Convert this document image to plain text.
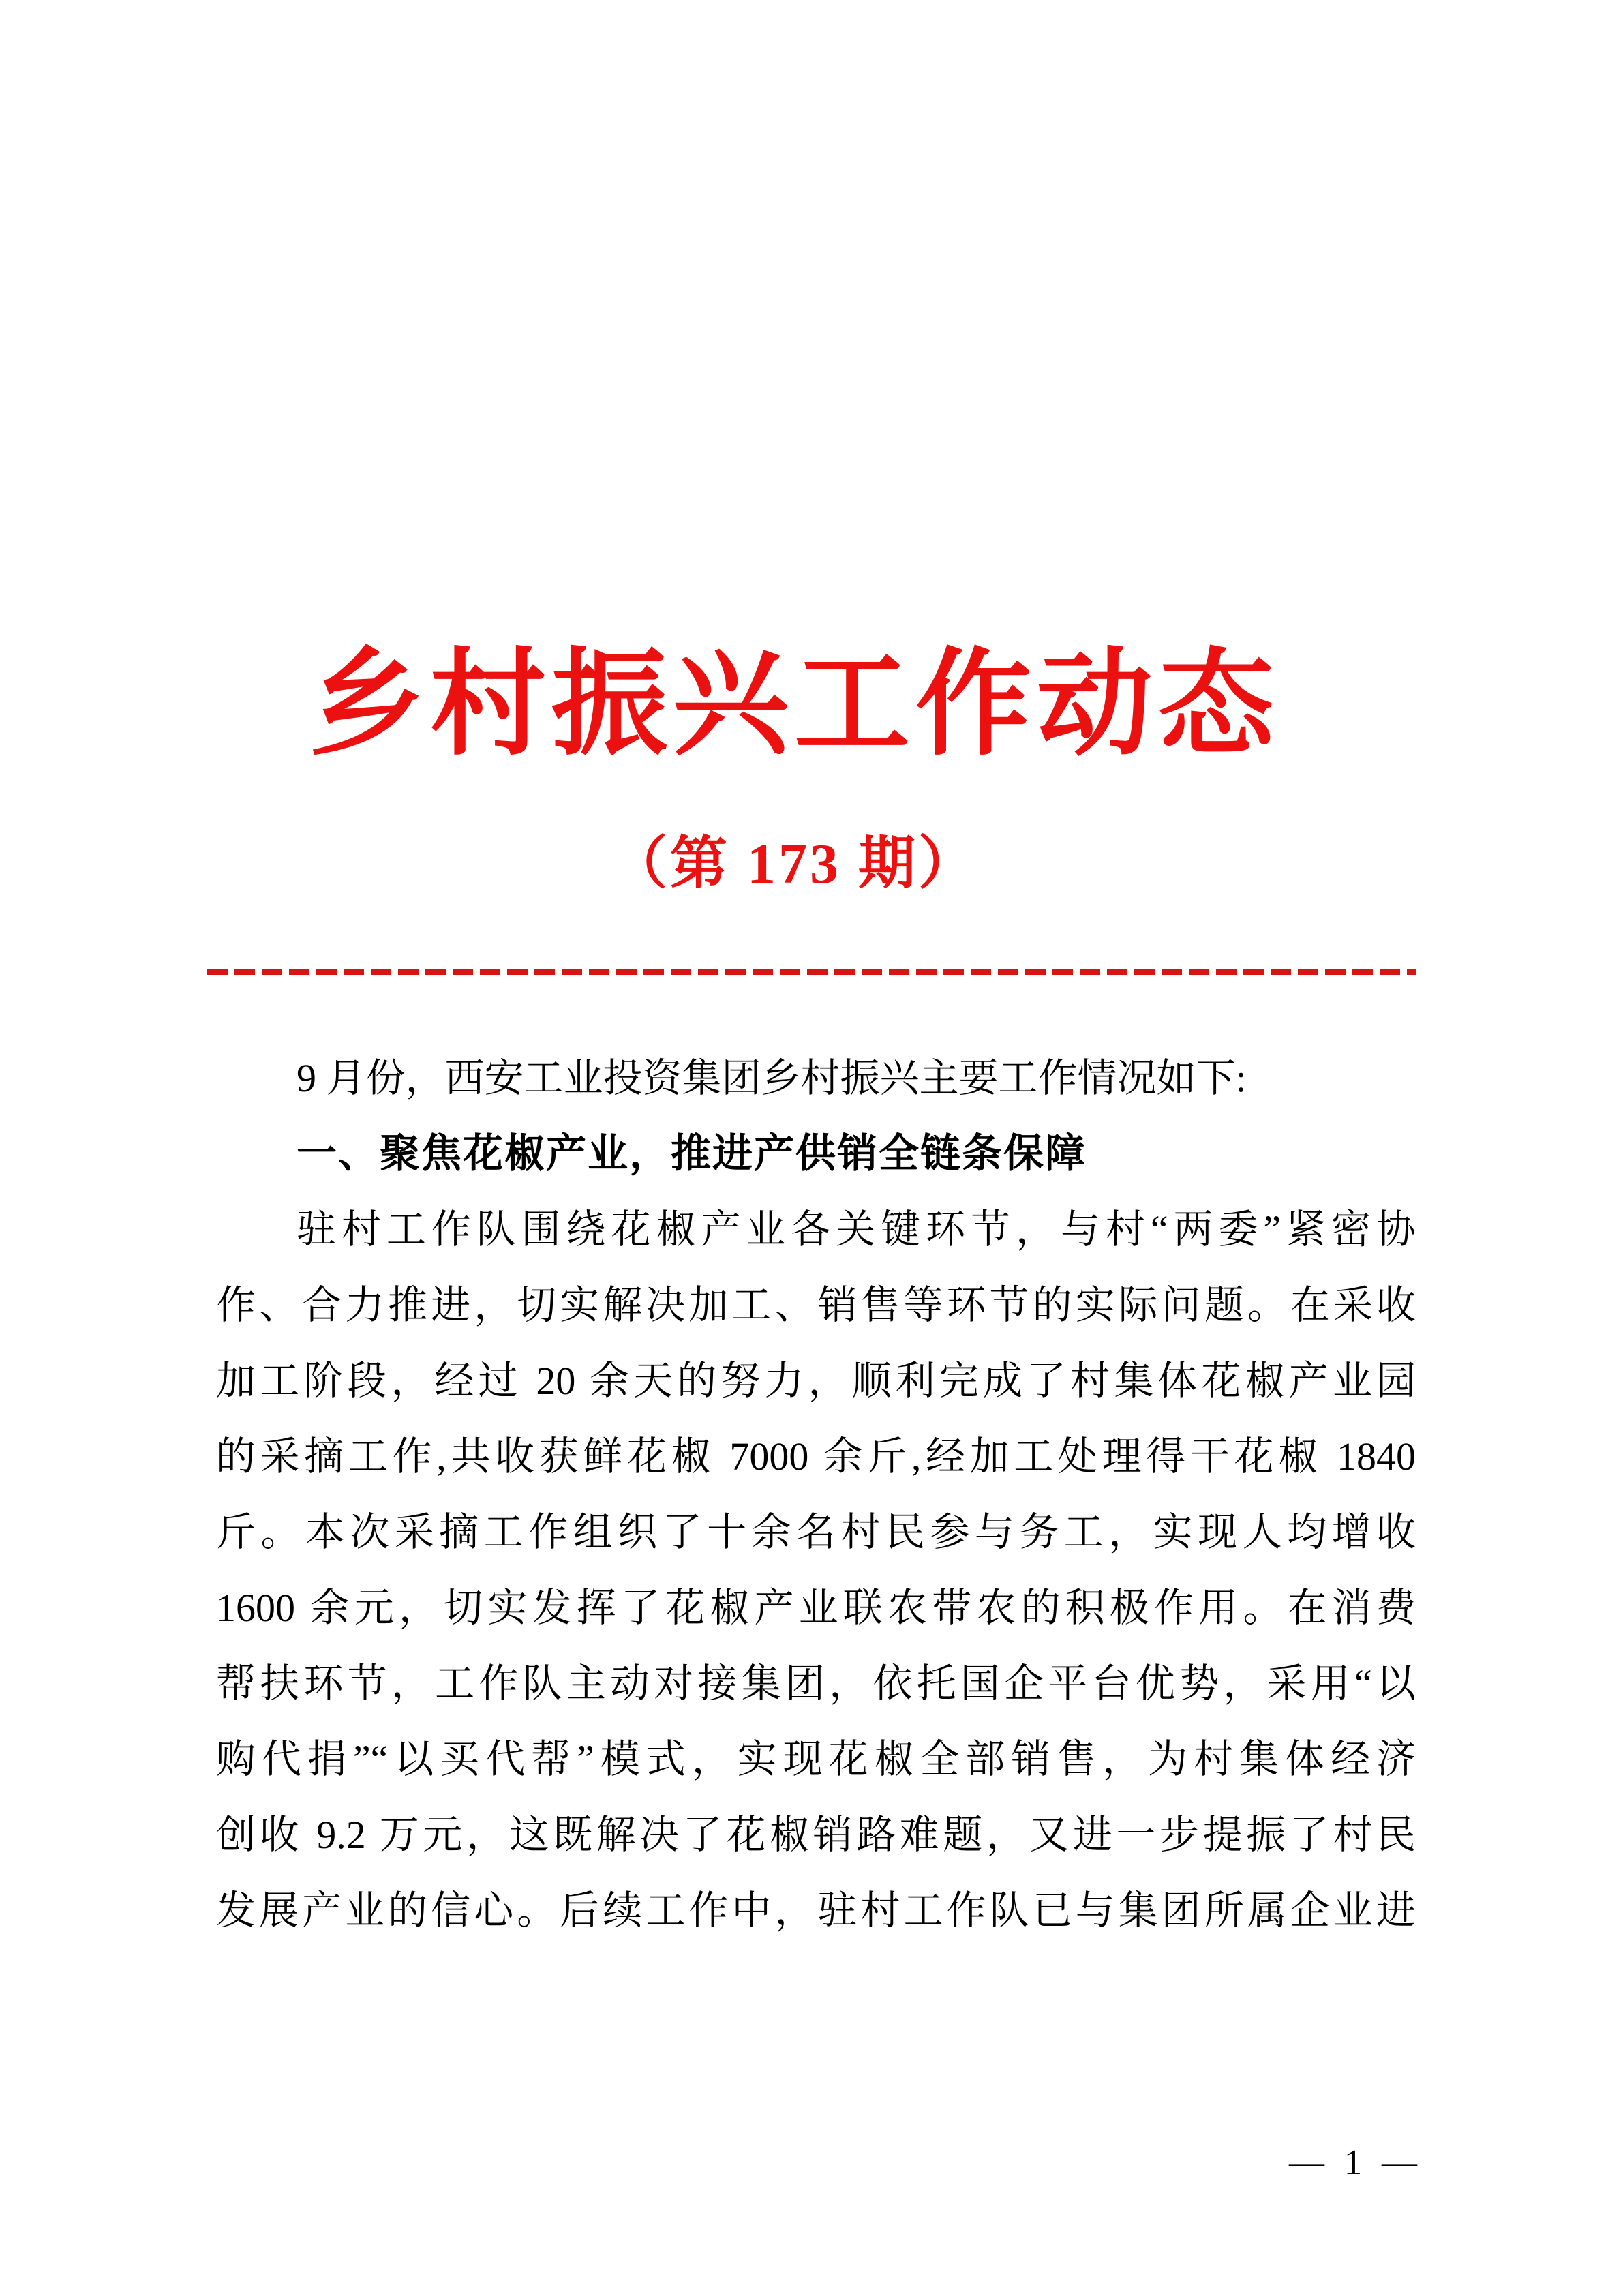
乡村振兴工作动态
（第 173 期）
9 月份，西安工业投资集团乡村振兴主要工作情况如下:
一、聚焦花椒产业，推进产供销全链条保障
驻村工作队围绕花椒产业各关键环节，与村“两委”紧密协
作、合力推进，切实解决加工、销售等环节的实际问题。在采收
加工阶段，经过 20 余天的努力，顺利完成了村集体花椒产业园
的采摘工作,共收获鲜花椒 7000 余斤,经加工处理得干花椒 1840
斤。本次采摘工作组织了十余名村民参与务工，实现人均增收
1600 余元，切实发挥了花椒产业联农带农的积极作用。在消费
帮扶环节，工作队主动对接集团，依托国企平台优势，采用“以
购代捐”“以买代帮”模式，实现花椒全部销售，为村集体经济
创收 9.2 万元，这既解决了花椒销路难题，又进一步提振了村民
发展产业的信心。后续工作中，驻村工作队已与集团所属企业进
— 1 —
